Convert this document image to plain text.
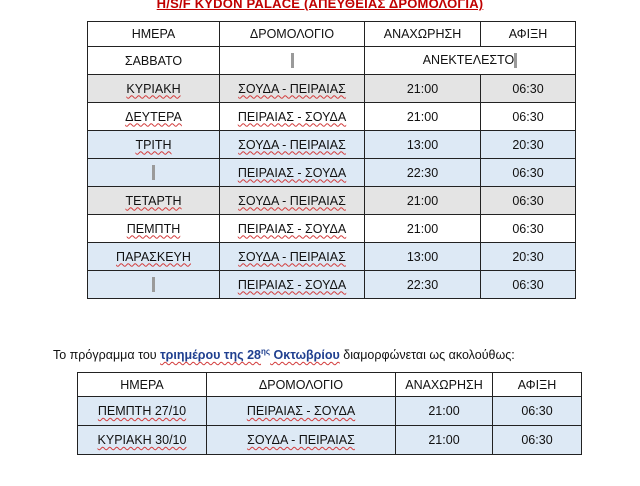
H/S/F KYDON PALACE (ΑΠΕΥΘΕΙΑΣ ΔΡΟΜΟΛΟΓΙΑ)
ΗΜΕΡΑ	ΔΡΟΜΟΛΟΓΙΟ	ΑΝΑΧΩΡΗΣΗ	ΑΦΙΞΗ
ΣΑΒΒΑΤΟ		ΑΝΕΚΤΕΛΕΣΤΟ	
ΚΥΡΙΑΚΗ	ΣΟΥΔΑ - ΠΕΙΡΑΙΑΣ	21:00	06:30
ΔΕΥΤΕΡΑ	ΠΕΙΡΑΙΑΣ - ΣΟΥΔΑ	21:00	06:30
ΤΡΙΤΗ	ΣΟΥΔΑ - ΠΕΙΡΑΙΑΣ	13:00	20:30
	ΠΕΙΡΑΙΑΣ - ΣΟΥΔΑ	22:30	06:30
ΤΕΤΑΡΤΗ	ΣΟΥΔΑ - ΠΕΙΡΑΙΑΣ	21:00	06:30
ΠΕΜΠΤΗ	ΠΕΙΡΑΙΑΣ - ΣΟΥΔΑ	21:00	06:30
ΠΑΡΑΣΚΕΥΗ	ΣΟΥΔΑ - ΠΕΙΡΑΙΑΣ	13:00	20:30
	ΠΕΙΡΑΙΑΣ - ΣΟΥΔΑ	22:30	06:30
Το πρόγραμμα του τριημέρου της $28^{\eta\varsigma}$ Οκτωβρίου διαμορφώνεται ως ακολούθως:
ΗΜΕΡΑ	ΔΡΟΜΟΛΟΓΙΟ	ΑΝΑΧΩΡΗΣΗ	ΑΦΙΞΗ
ΠΕΜΠΤΗ 27/10	ΠΕΙΡΑΙΑΣ - ΣΟΥΔΑ	21:00	06:30
ΚΥΡΙΑΚΗ 30/10	ΣΟΥΔΑ - ΠΕΙΡΑΙΑΣ	21:00	06:30
